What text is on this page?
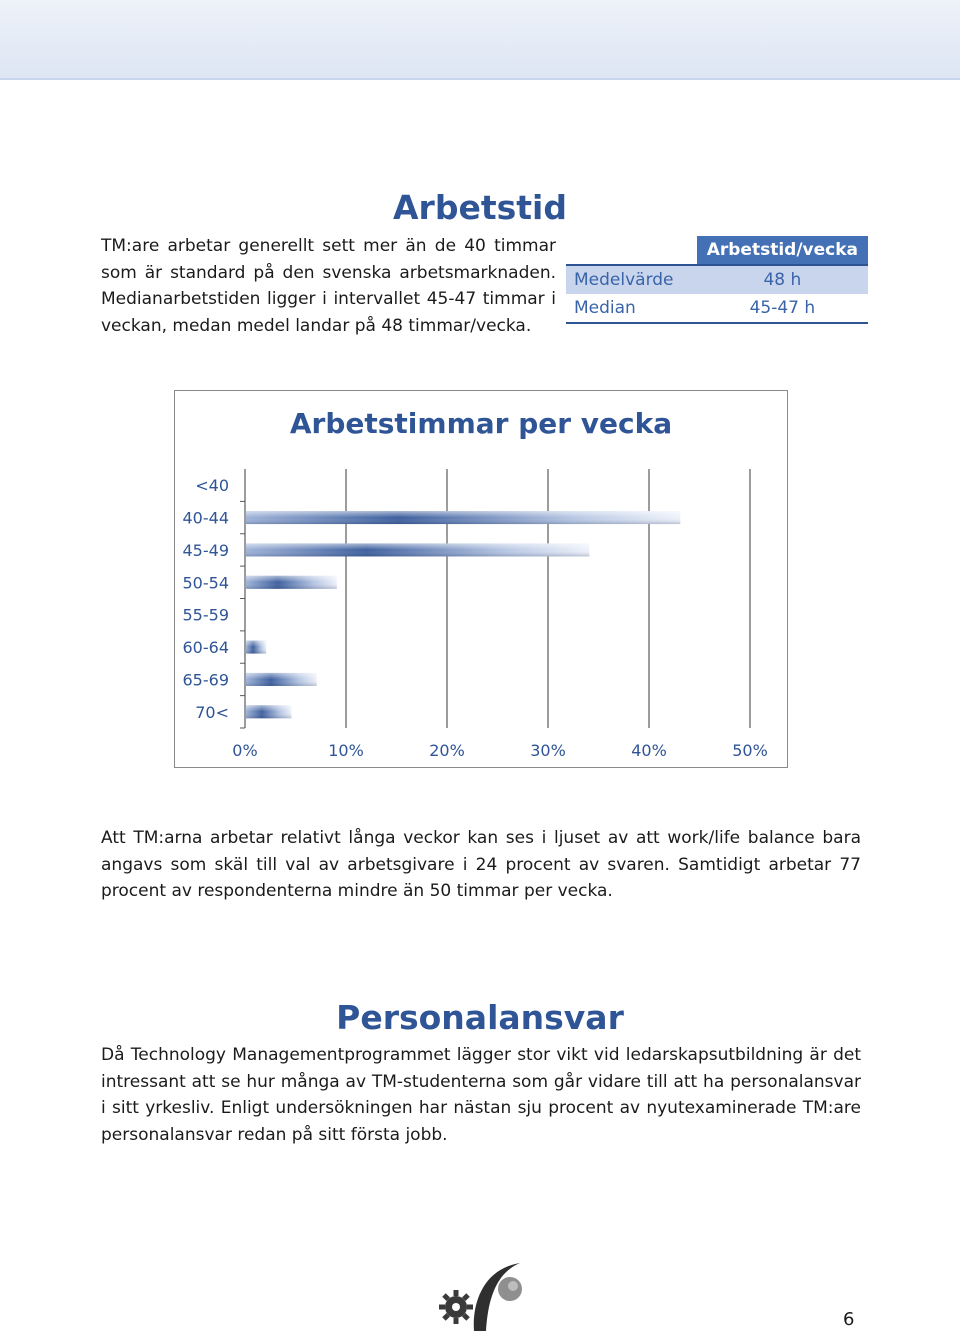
Arbetstid

TM:are arbetar generellt sett mer än de 40 timmar som är standard på den svenska arbetsmarknaden. Medianarbetstiden ligger i intervallet 45-47 timmar i veckan, medan medel landar på 48 timmar/vecka.

	Arbetstid/vecka
Medelvärde	48 h
Median	45-47 h
Arbetstimmar per vecka
0%	10%	20%	30%	40%	50%
<40
40-44
45-49
50-54
55-59
60-64
65-69
70<

Att TM:arna arbetar relativt långa veckor kan ses i ljuset av att work/life balance bara angavs som skäl till val av arbetsgivare i 24 procent av svaren. Samtidigt arbetar 77 procent av respondenterna mindre än 50 timmar per vecka.

Personalansvar

Då Technology Managementprogrammet lägger stor vikt vid ledarskapsutbildning är det intressant att se hur många av TM-studenterna som går vidare till att ha personalansvar i sitt yrkesliv. Enligt undersökningen har nästan sju procent av nyutexaminerade TM:are personalansvar redan på sitt första jobb.

6
